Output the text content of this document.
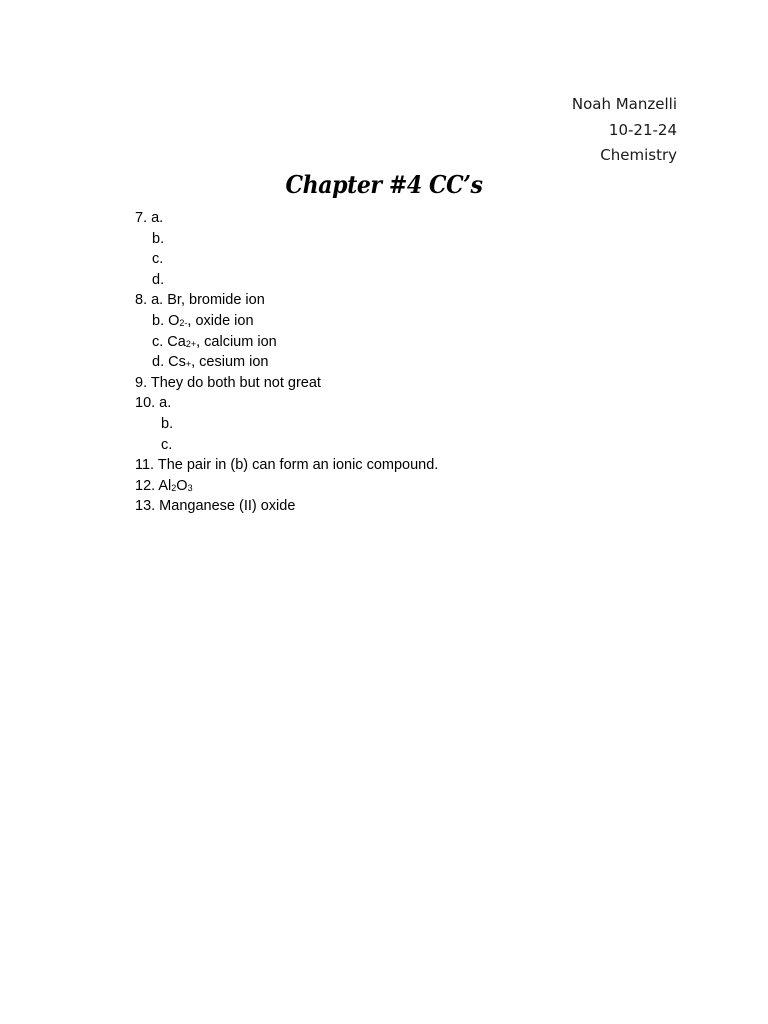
Noah Manzelli
10-21-24
Chemistry
Chapter #4 CC’s
7. a.
b.
c.
d.
8. a. Br, bromide ion
b. $O_{2-}$, oxide ion
c. $Ca_{2+}$, calcium ion
d. $Cs_+$, cesium ion
9. They do both but not great
10. a.
b.
c.
11. The pair in (b) can form an ionic compound.
12. $Al_2O_3$
13. Manganese (II) oxide
